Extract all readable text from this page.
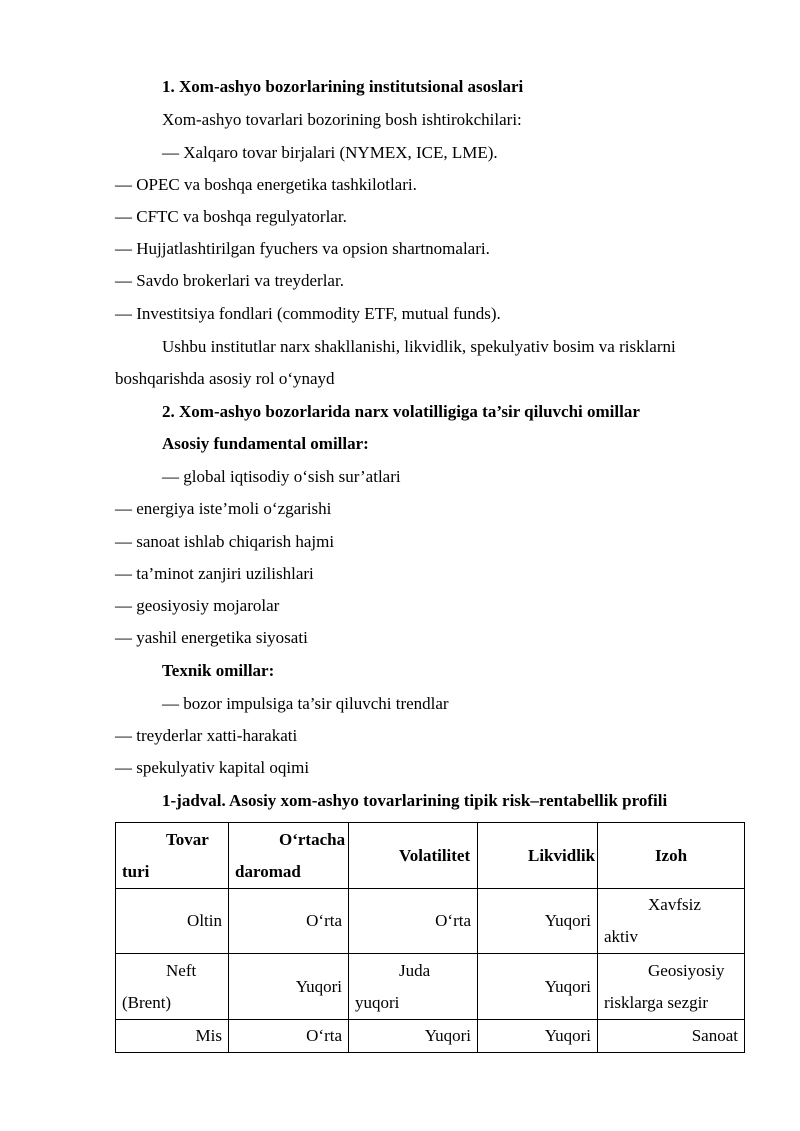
1. Xom-ashyo bozorlarining institutsional asoslari
Xom-ashyo tovarlari bozorining bosh ishtirokchilari:
— Xalqaro tovar birjalari (NYMEX, ICE, LME).
— OPEC va boshqa energetika tashkilotlari.
— CFTC va boshqa regulyatorlar.
— Hujjatlashtirilgan fyuchers va opsion shartnomalari.
— Savdo brokerlari va treyderlar.
— Investitsiya fondlari (commodity ETF, mutual funds).
Ushbu institutlar narx shakllanishi, likvidlik, spekulyativ bosim va risklarni
boshqarishda asosiy rol o‘ynayd
2. Xom-ashyo bozorlarida narx volatilligiga ta’sir qiluvchi omillar
Asosiy fundamental omillar:
— global iqtisodiy o‘sish sur’atlari
— energiya iste’moli o‘zgarishi
— sanoat ishlab chiqarish hajmi
— ta’minot zanjiri uzilishlari
— geosiyosiy mojarolar
— yashil energetika siyosati
Texnik omillar:
— bozor impulsiga ta’sir qiluvchi trendlar
— treyderlar xatti-harakati
— spekulyativ kapital oqimi
1-jadval. Asosiy xom-ashyo tovarlarining tipik risk–rentabellik profili
Tovar turi	O‘rtacha daromad	Volatilitet	Likvidlik	Izoh
Oltin	O‘rta	O‘rta	Yuqori	Xavfsiz aktiv
Neft (Brent)	Yuqori	Juda yuqori	Yuqori	Geosiyosiy risklarga sezgir
Mis	O‘rta	Yuqori	Yuqori	Sanoat
